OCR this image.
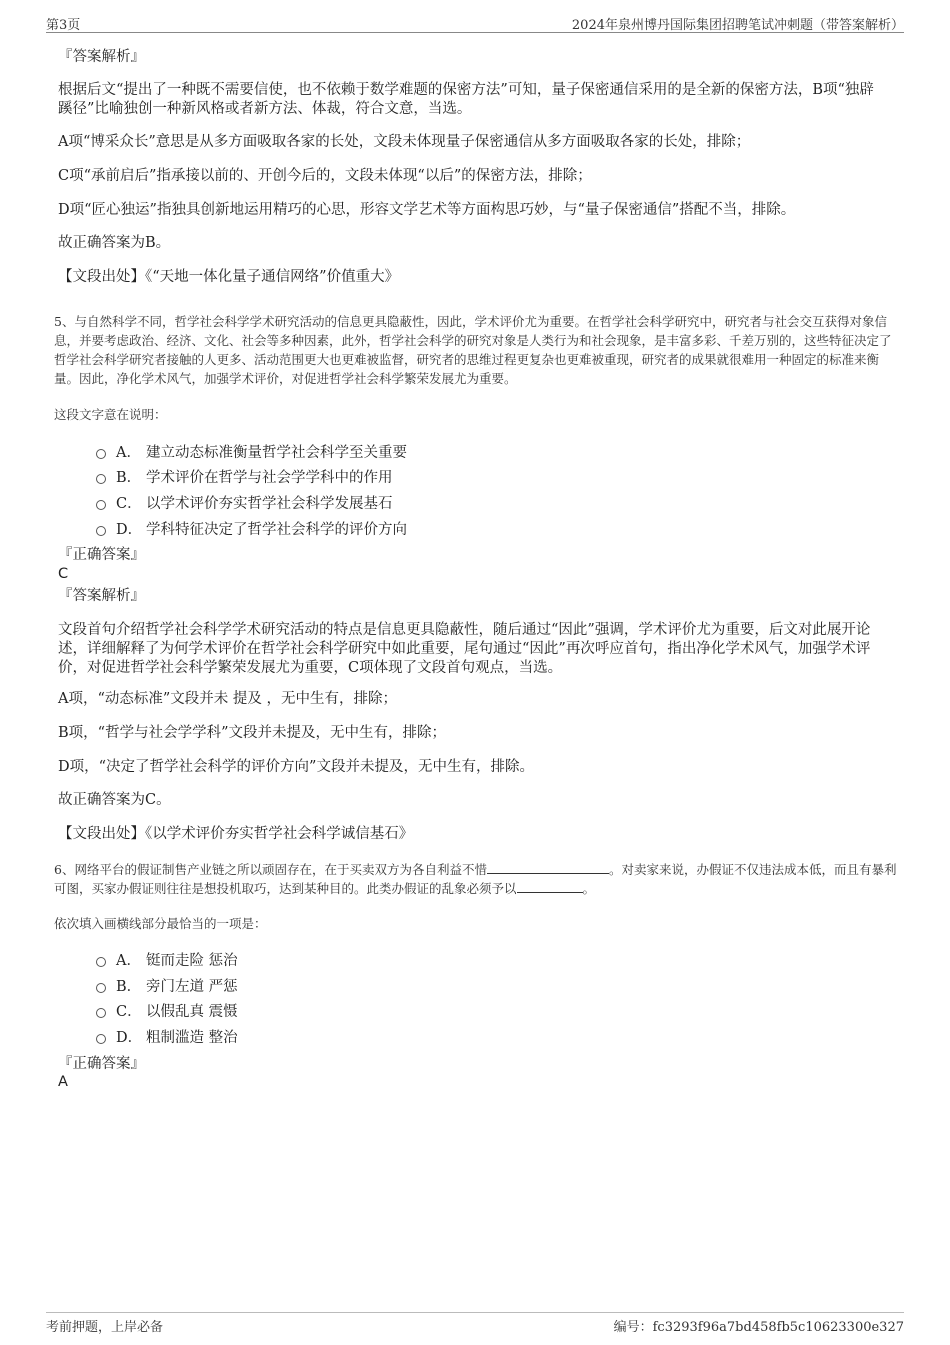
第3页	2024年泉州博丹国际集团招聘笔试冲刺题（带答案解析）
『答案解析』
根据后文“提出了一种既不需要信使，也不依赖于数学难题的保密方法”可知，量子保密通信采用的是全新的保密方法，B项“独辟蹊径”比喻独创一种新风格或者新方法、体裁，符合文意，当选。
A项“博采众长”意思是从多方面吸取各家的长处，文段未体现量子保密通信从多方面吸取各家的长处，排除；
C项“承前启后”指承接以前的、开创今后的，文段未体现“以后”的保密方法，排除；
D项“匠心独运”指独具创新地运用精巧的心思，形容文学艺术等方面构思巧妙，与“量子保密通信”搭配不当，排除。
故正确答案为B。
【文段出处】《“天地一体化量子通信网络”价值重大》
5、与自然科学不同，哲学社会科学学术研究活动的信息更具隐蔽性，因此，学术评价尤为重要。在哲学社会科学研究中，研究者与社会交互获得对象信息，并要考虑政治、经济、文化、社会等多种因素，此外，哲学社会科学的研究对象是人类行为和社会现象，是丰富多彩、千差万别的，这些特征决定了哲学社会科学研究者接触的人更多、活动范围更大也更难被监督，研究者的思维过程更复杂也更难被重现，研究者的成果就很难用一种固定的标准来衡量。因此，净化学术风气，加强学术评价，对促进哲学社会科学繁荣发展尤为重要。
这段文字意在说明：
A． 建立动态标准衡量哲学社会科学至关重要
B． 学术评价在哲学与社会学学科中的作用
C． 以学术评价夯实哲学社会科学发展基石
D． 学科特征决定了哲学社会科学的评价方向
『正确答案』
C
『答案解析』
文段首句介绍哲学社会科学学术研究活动的特点是信息更具隐蔽性，随后通过“因此”强调，学术评价尤为重要，后文对此展开论述，详细解释了为何学术评价在哲学社会科学研究中如此重要，尾句通过“因此”再次呼应首句，指出净化学术风气，加强学术评价，对促进哲学社会科学繁荣发展尤为重要，C项体现了文段首句观点，当选。
A项，“动态标准”文段并未 提及 ，无中生有，排除；
B项，“哲学与社会学学科”文段并未提及，无中生有，排除；
D项，“决定了哲学社会科学的评价方向”文段并未提及，无中生有，排除。
故正确答案为C。
【文段出处】《以学术评价夯实哲学社会科学诚信基石》
6、网络平台的假证制售产业链之所以顽固存在，在于买卖双方为各自利益不惜	。对卖家来说，办假证不仅违法成本低，而且有暴利可图，买家办假证则往往是想投机取巧，达到某种目的。此类办假证的乱象必须予以	。
依次填入画横线部分最恰当的一项是：
A． 铤而走险 惩治
B． 旁门左道 严惩
C． 以假乱真 震慑
D． 粗制滥造 整治
『正确答案』
A
考前押题，上岸必备	编号：fc3293f96a7bd458fb5c10623300e327
